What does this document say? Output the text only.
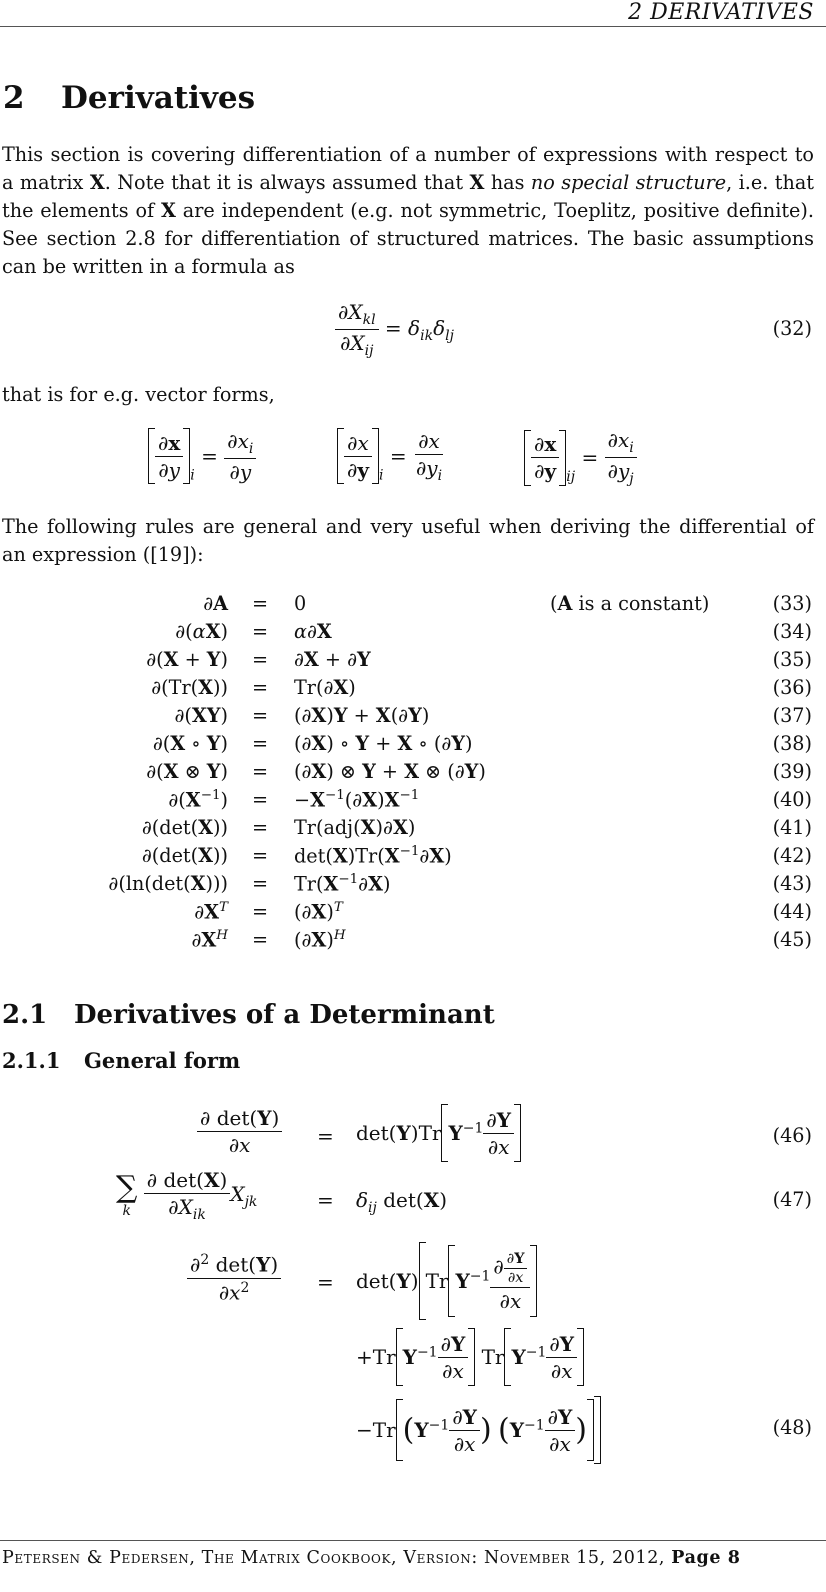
2 DERIVATIVES
2 Derivatives
This section is covering differentiation of a number of expressions with respect to a matrix X. Note that it is always assumed that X has no special structure, i.e. that the elements of X are independent (e.g. not symmetric, Toeplitz, positive definite). See section 2.8 for differentiation of structured matrices. The basic assumptions can be written in a formula as
$\frac{\partial X_{kl}}{\partial X_{ij}} = \delta_{ik}\delta_{lj}$	(32)
that is for e.g. vector forms,
$\frac{\partial x}{\partial y} _i = \frac{\partial x_i}{\partial y}$	$\frac{\partial x}{\partial y} _i = \frac{\partial x}{\partial y_i}$	$\frac{\partial x}{\partial y} _{ij} = \frac{\partial x_i}{\partial y_j}$
The following rules are general and very useful when deriving the differential of an expression ([19]):
∂A = 0	(A is a constant)	(33)
∂(αX) = α∂X	(34)
∂(X + Y) = ∂X + ∂Y	(35)
∂(Tr(X)) = Tr(∂X)	(36)
∂(XY) = (∂X)Y + X(∂Y)	(37)
∂(X ∘ Y) = (∂X) ∘ Y + X ∘ (∂Y)	(38)
∂(X ⊗ Y) = (∂X) ⊗ Y + X ⊗ (∂Y)	(39)
$\partial(X^{-1}) = -X^{-1}(\partial X)X^{-1}$	(40)
∂(det(X)) = Tr(adj(X)∂X)	(41)
$\partial(\det(X)) = \det(X)Tr(X^{-1}\partial X)$	(42)
$\partial(\ln(\det(X))) = Tr(X^{-1}\partial X)$	(43)
$\partial X^T = (\partial X)^T$	(44)
$\partial X^H = (\partial X)^H$	(45)
2.1 Derivatives of a Determinant
2.1.1 General form
$\frac{\partial \det(Y)}{\partial x} = \det(Y)Tr$ $Y^{-1} \frac{\partial Y}{\partial x}$	(46)
∑
k
$\frac{\partial \det(X)}{\partial X_{ik}} X_{jk}$	= $\delta_{ij}$ det(X)	(47)
$\frac{\partial^2 \det(Y)}{\partial x^2} = \det(Y)$ Tr $Y^{-1} \frac{\partial \frac{\partial Y}{\partial x}}{\partial x}$
+Tr $Y^{-1} \frac{\partial Y}{\partial x}$ Tr $Y^{-1} \frac{\partial Y}{\partial x}$
−Tr ($Y^{-1} \frac{\partial Y}{\partial x}$ ) ($Y^{-1} \frac{\partial Y}{\partial x}$ )	(48)
Petersen & Pedersen, The Matrix Cookbook, Version: November 15, 2012, Page 8
